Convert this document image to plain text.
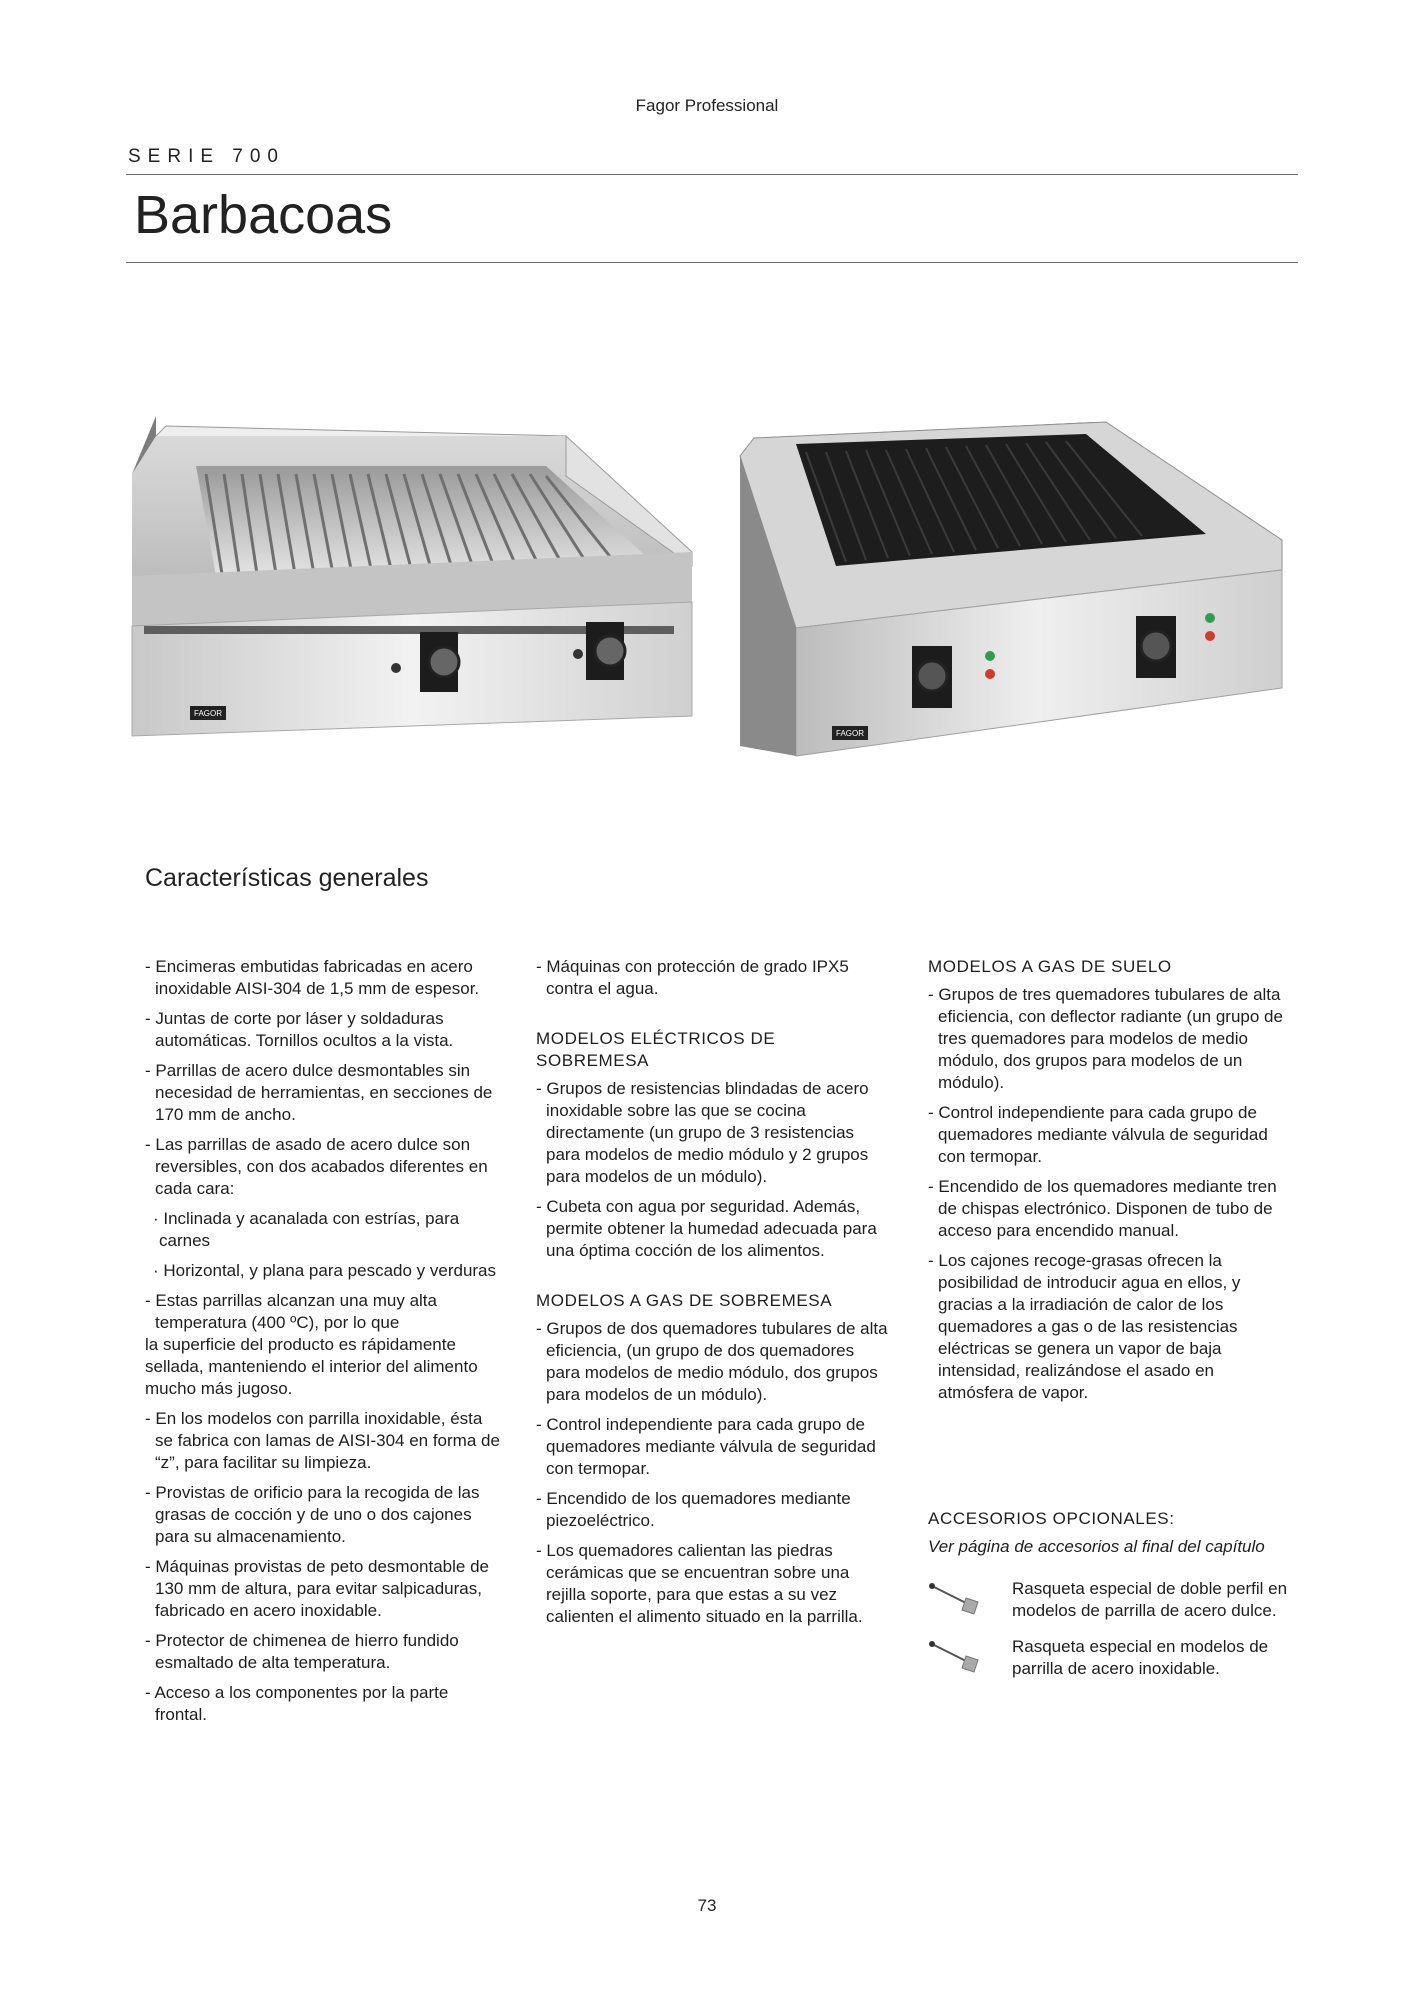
Fagor Professional
SERIE 700
Barbacoas
FAGOR
FAGOR
Características generales

- Encimeras embutidas fabricadas en acero inoxidable AISI-304 de 1,5 mm de espesor.

- Juntas de corte por láser y soldaduras automáticas. Tornillos ocultos a la vista.

- Parrillas de acero dulce desmontables sin necesidad de herramientas, en secciones de 170 mm de ancho.

- Las parrillas de asado de acero dulce son reversibles, con dos acabados diferentes en cada cara:

· Inclinada y acanalada con estrías, para carnes

· Horizontal, y plana para pescado y verduras

- Estas parrillas alcanzan una muy alta temperatura (400 ºC), por lo que

la superficie del producto es rápidamente sellada, manteniendo el interior del alimento mucho más jugoso.

- En los modelos con parrilla inoxidable, ésta se fabrica con lamas de AISI-304 en forma de “z”, para facilitar su limpieza.

- Provistas de orificio para la recogida de las grasas de cocción y de uno o dos cajones para su almacenamiento.

- Máquinas provistas de peto desmontable de 130 mm de altura, para evitar salpicaduras, fabricado en acero inoxidable.

- Protector de chimenea de hierro fundido esmaltado de alta temperatura.

- Acceso a los componentes por la parte frontal.

- Máquinas con protección de grado IPX5 contra el agua.

MODELOS ELÉCTRICOS DE SOBREMESA

- Grupos de resistencias blindadas de acero inoxidable sobre las que se cocina directamente (un grupo de 3 resistencias para modelos de medio módulo y 2 grupos para modelos de un módulo).

- Cubeta con agua por seguridad. Además, permite obtener la humedad adecuada para una óptima cocción de los alimentos.

MODELOS A GAS DE SOBREMESA

- Grupos de dos quemadores tubulares de alta eficiencia, (un grupo de dos quemadores para modelos de medio módulo, dos grupos para modelos de un módulo).

- Control independiente para cada grupo de quemadores mediante válvula de seguridad con termopar.

- Encendido de los quemadores mediante piezoeléctrico.

- Los quemadores calientan las piedras cerámicas que se encuentran sobre una rejilla soporte, para que estas a su vez calienten el alimento situado en la parrilla.

MODELOS A GAS DE SUELO

- Grupos de tres quemadores tubulares de alta eficiencia, con deflector radiante (un grupo de tres quemadores para modelos de medio módulo, dos grupos para modelos de un módulo).

- Control independiente para cada grupo de quemadores mediante válvula de seguridad con termopar.

- Encendido de los quemadores mediante tren de chispas electrónico. Disponen de tubo de acceso para encendido manual.

- Los cajones recoge-grasas ofrecen la posibilidad de introducir agua en ellos, y gracias a la irradiación de calor de los quemadores a gas o de las resistencias eléctricas se genera un vapor de baja intensidad, realizándose el asado en atmósfera de vapor.

ACCESORIOS OPCIONALES:

Ver página de accesorios al final del capítulo

Rasqueta especial de doble perfil en modelos de parrilla de acero dulce.
Rasqueta especial en modelos de parrilla de acero inoxidable.
73
